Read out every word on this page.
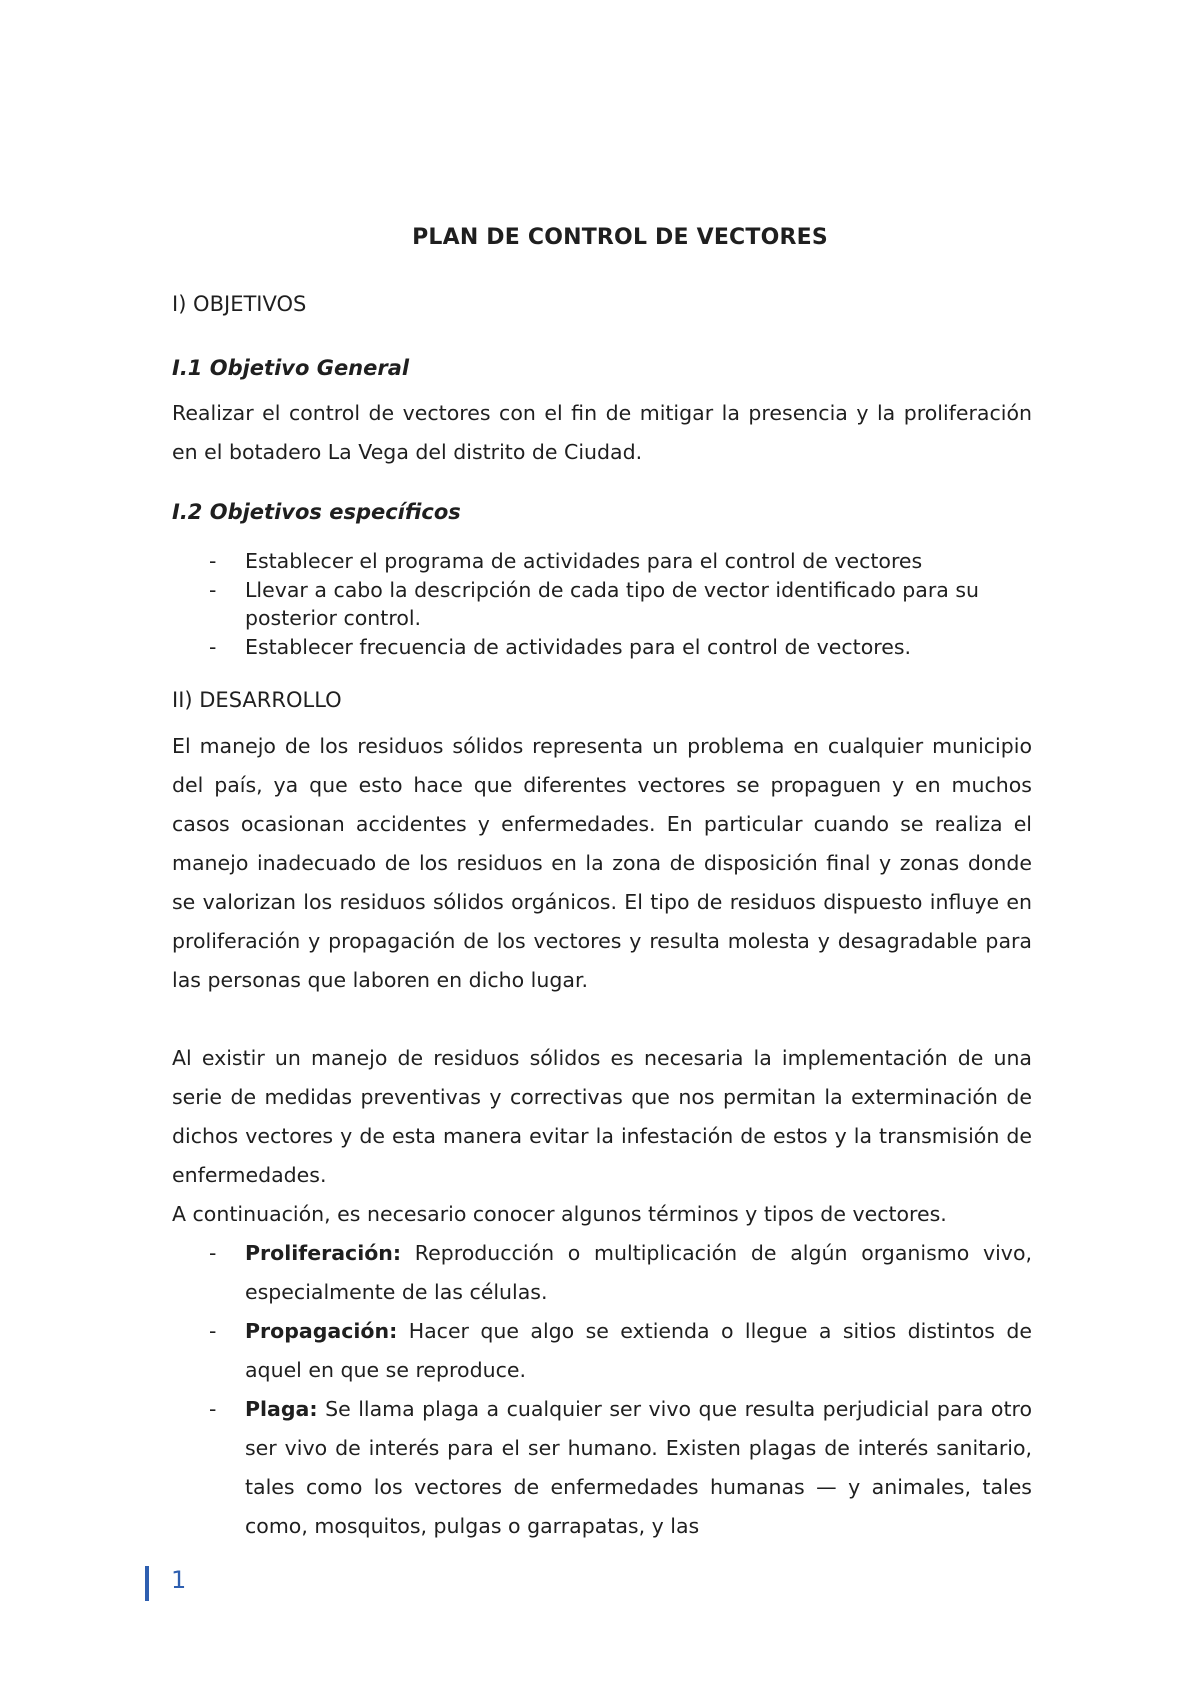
PLAN DE CONTROL DE VECTORES
I) OBJETIVOS
I.1 Objetivo General
Realizar el control de vectores con el fin de mitigar la presencia y la proliferación en el botadero La Vega del distrito de Ciudad.
I.2 Objetivos específicos
- Establecer el programa de actividades para el control de vectores
- Llevar a cabo la descripción de cada tipo de vector identificado para su posterior control.
- Establecer frecuencia de actividades para el control de vectores.
II) DESARROLLO
El manejo de los residuos sólidos representa un problema en cualquier municipio del país, ya que esto hace que diferentes vectores se propaguen y en muchos casos ocasionan accidentes y enfermedades. En particular cuando se realiza el manejo inadecuado de los residuos en la zona de disposición final y zonas donde se valorizan los residuos sólidos orgánicos. El tipo de residuos dispuesto influye en proliferación y propagación de los vectores y resulta molesta y desagradable para las personas que laboren en dicho lugar.
Al existir un manejo de residuos sólidos es necesaria la implementación de una serie de medidas preventivas y correctivas que nos permitan la exterminación de dichos vectores y de esta manera evitar la infestación de estos y la transmisión de enfermedades.
A continuación, es necesario conocer algunos términos y tipos de vectores.
- Proliferación: Reproducción o multiplicación de algún organismo vivo, especialmente de las células.
- Propagación: Hacer que algo se extienda o llegue a sitios distintos de aquel en que se reproduce.
- Plaga: Se llama plaga a cualquier ser vivo que resulta perjudicial para otro ser vivo de interés para el ser humano. Existen plagas de interés sanitario, tales como los vectores de enfermedades humanas — y animales, tales como, mosquitos, pulgas o garrapatas, y las
1
